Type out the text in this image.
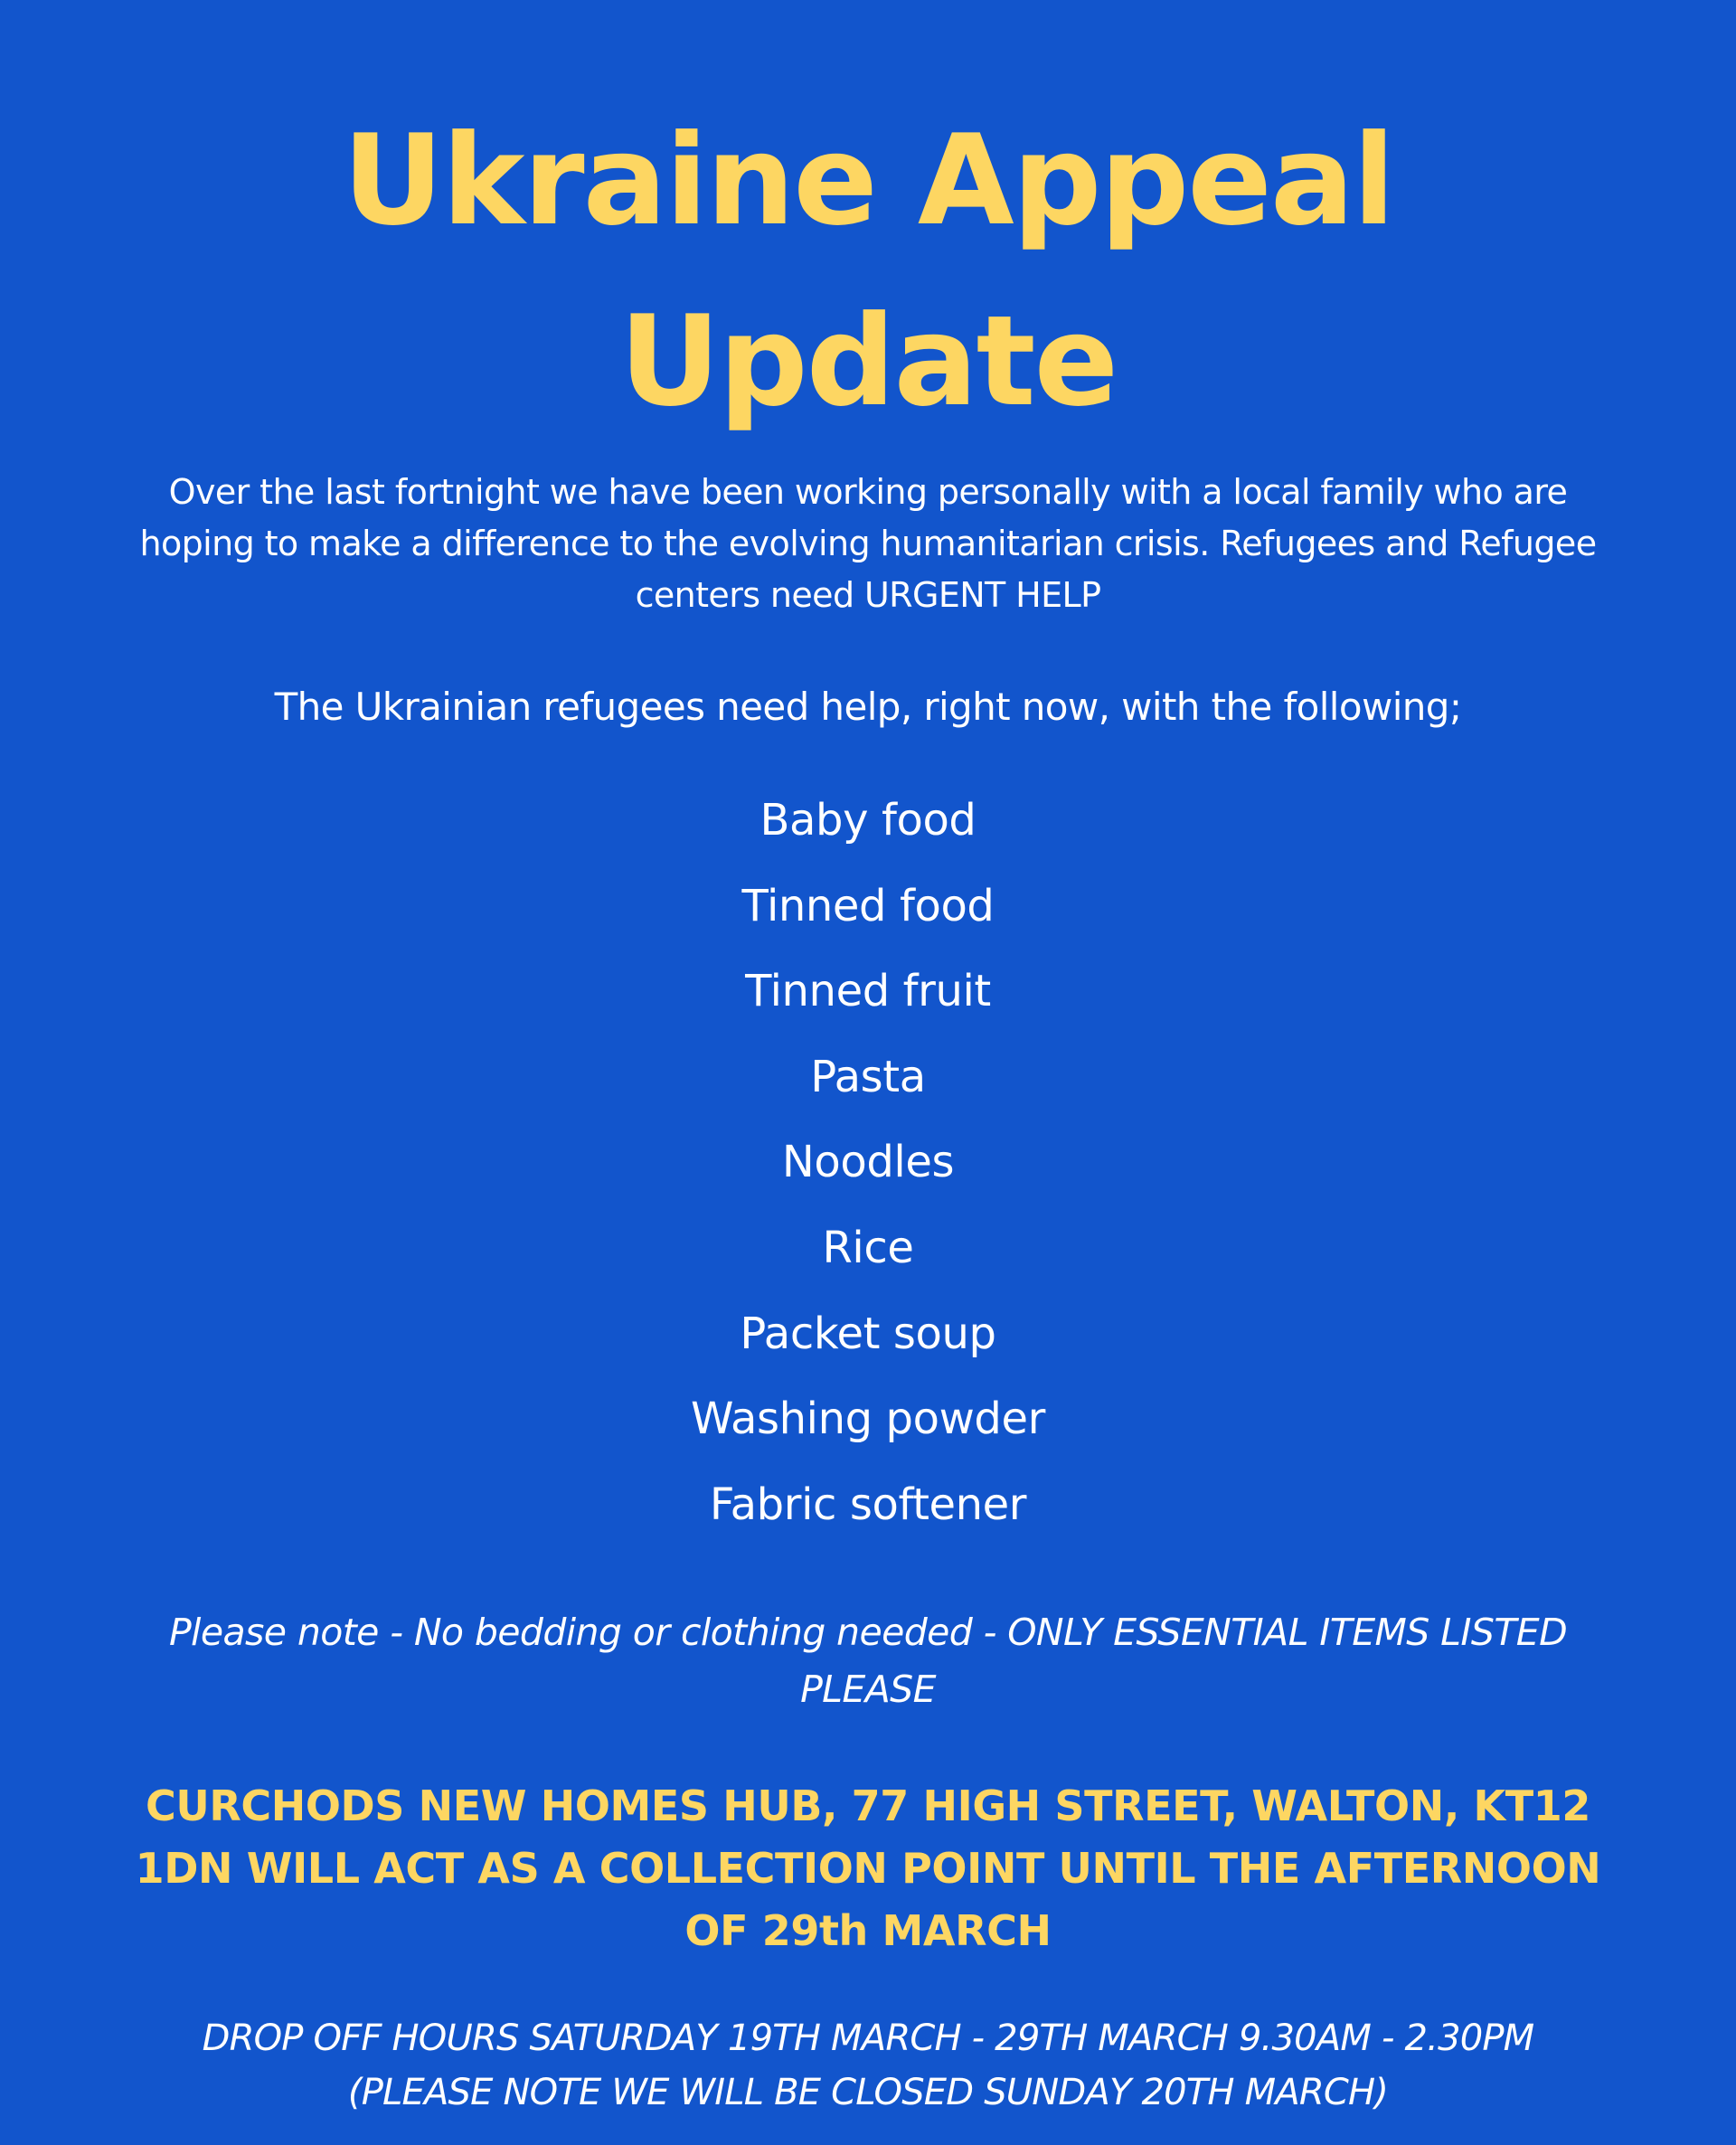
Ukraine Appeal
Update

Over the last fortnight we have been working personally with a local family who are hoping to make a difference to the evolving humanitarian crisis. Refugees and Refugee centers need URGENT HELP

The Ukrainian refugees need help, right now, with the following;

Baby food
Tinned food
Tinned fruit
Pasta
Noodles
Rice
Packet soup
Washing powder
Fabric softener

Please note - No bedding or clothing needed - ONLY ESSENTIAL ITEMS LISTED PLEASE

CURCHODS NEW HOMES HUB, 77 HIGH STREET, WALTON, KT12 1DN WILL ACT AS A COLLECTION POINT UNTIL THE AFTERNOON OF 29th MARCH

DROP OFF HOURS SATURDAY 19TH MARCH - 29TH MARCH 9.30AM - 2.30PM
(PLEASE NOTE WE WILL BE CLOSED SUNDAY 20TH MARCH)
